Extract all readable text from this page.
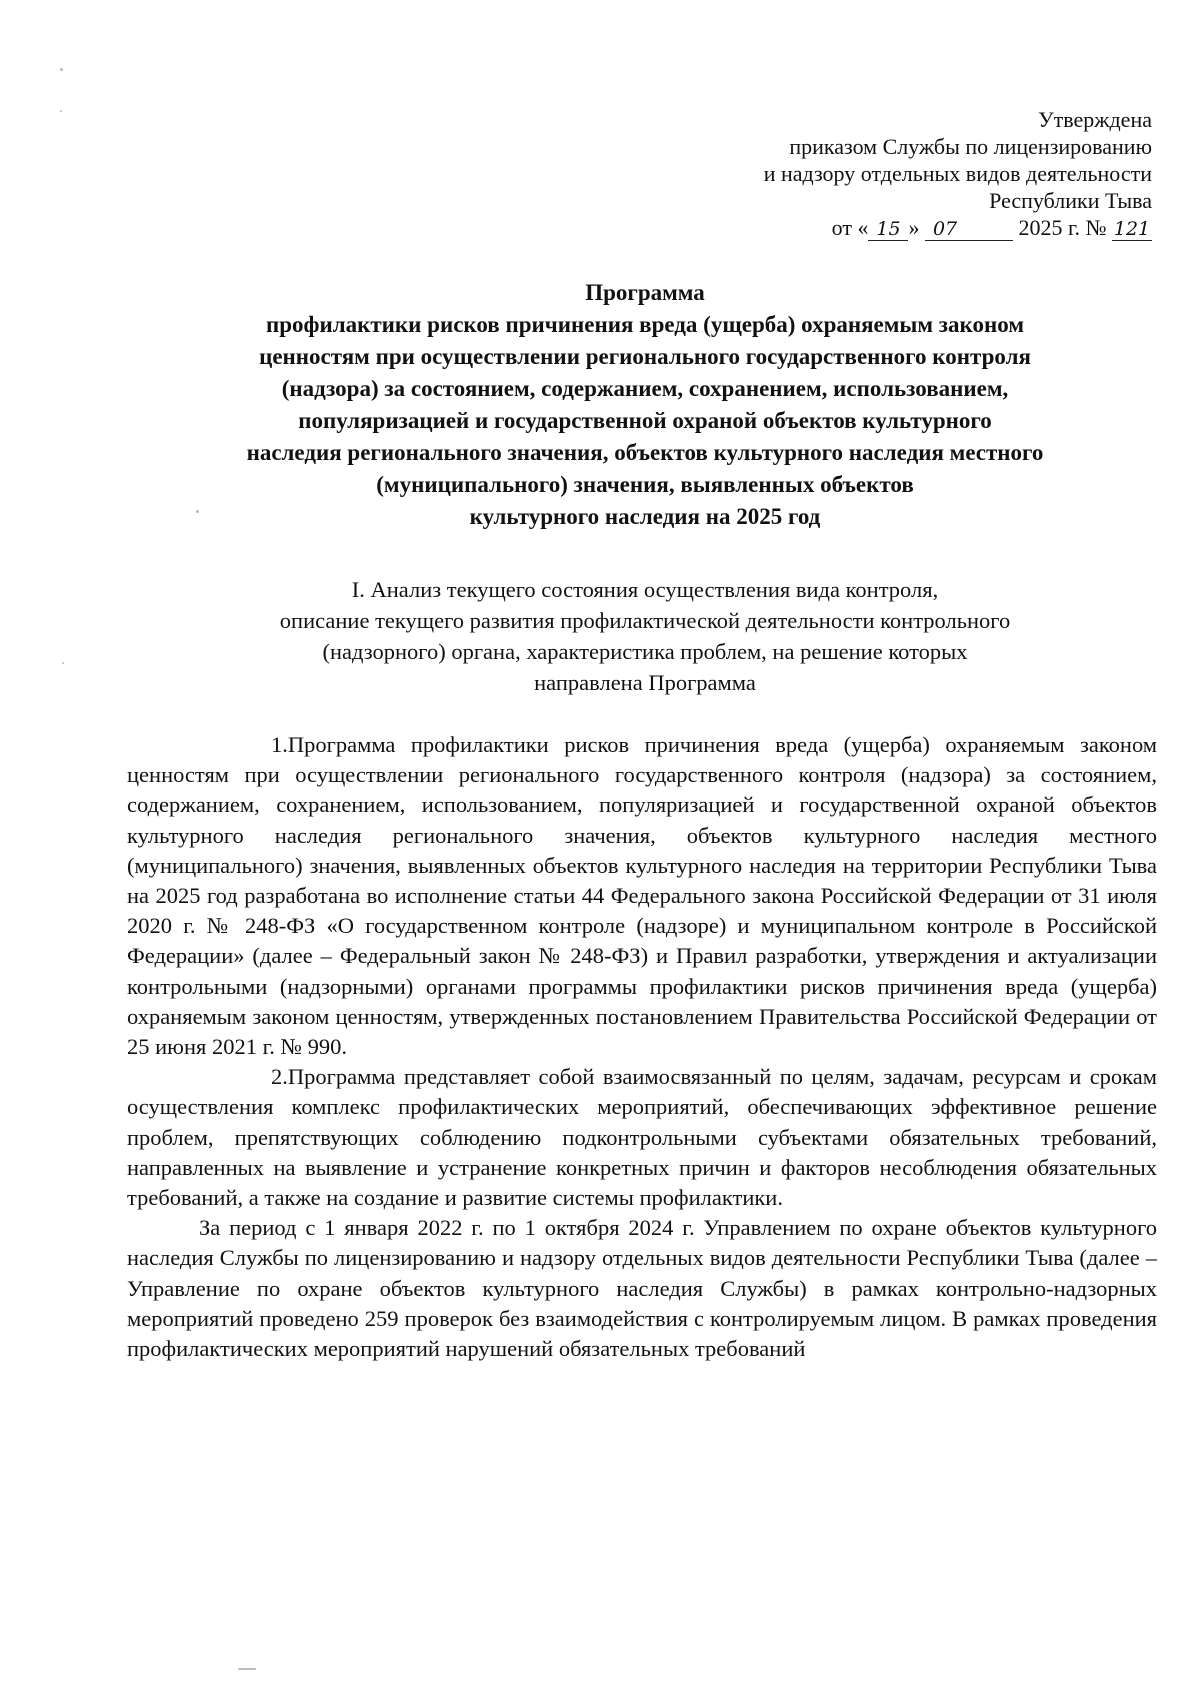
Утверждена
приказом Службы по лицензированию
и надзору отдельных видов деятельности
Республики Тыва
от « 15 » 07	2025 г. № 121
Программа
профилактики рисков причинения вреда (ущерба) охраняемым законом
ценностям при осуществлении регионального государственного контроля
(надзора) за состоянием, содержанием, сохранением, использованием,
популяризацией и государственной охраной объектов культурного
наследия регионального значения, объектов культурного наследия местного
(муниципального) значения, выявленных объектов
культурного наследия на 2025 год
I. Анализ текущего состояния осуществления вида контроля,
описание текущего развития профилактической деятельности контрольного
(надзорного) органа, характеристика проблем, на решение которых
направлена Программа

1.Программа профилактики рисков причинения вреда (ущерба) охраняемым законом ценностям при осуществлении регионального государственного контроля (надзора) за состоянием, содержанием, сохранением, использованием, популяризацией и государственной охраной объектов культурного наследия регионального значения, объектов культурного наследия местного (муниципального) значения, выявленных объектов культурного наследия на территории Республики Тыва на 2025 год разработана во исполнение статьи 44 Федерального закона Российской Федерации от 31 июля 2020 г. № 248-ФЗ «О государственном контроле (надзоре) и муниципальном контроле в Российской Федерации» (далее – Федеральный закон № 248-ФЗ) и Правил разработки, утверждения и актуализации контрольными (надзорными) органами программы профилактики рисков причинения вреда (ущерба) охраняемым законом ценностям, утвержденных постановлением Правительства Российской Федерации от 25 июня 2021 г. № 990.

2.Программа представляет собой взаимосвязанный по целям, задачам, ресурсам и срокам осуществления комплекс профилактических мероприятий, обеспечивающих эффективное решение проблем, препятствующих соблюдению подконтрольными субъектами обязательных требований, направленных на выявление и устранение конкретных причин и факторов несоблюдения обязательных требований, а также на создание и развитие системы профилактики.

За период с 1 января 2022 г. по 1 октября 2024 г. Управлением по охране объектов культурного наследия Службы по лицензированию и надзору отдельных видов деятельности Республики Тыва (далее – Управление по охране объектов культурного наследия Службы) в рамках контрольно-надзорных мероприятий проведено 259 проверок без взаимодействия с контролируемым лицом. В рамках проведения профилактических мероприятий нарушений обязательных требований
